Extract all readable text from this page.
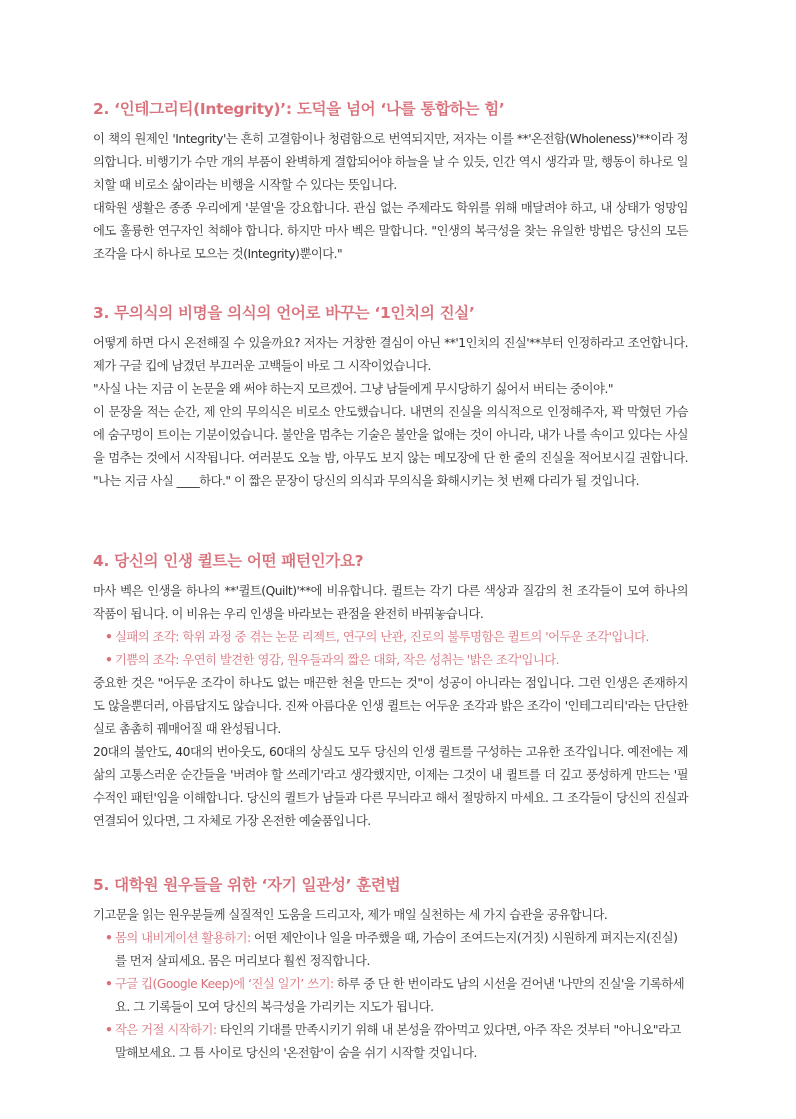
2. ‘인테그리티(Integrity)’: 도덕을 넘어 ‘나를 통합하는 힘’

이 책의 원제인 'Integrity'는 흔히 고결함이나 청렴함으로 번역되지만, 저자는 이를 **'온전함(Wholeness)'**이라 정의합니다. 비행기가 수만 개의 부품이 완벽하게 결합되어야 하늘을 날 수 있듯, 인간 역시 생각과 말, 행동이 하나로 일치할 때 비로소 삶이라는 비행을 시작할 수 있다는 뜻입니다.

대학원 생활은 종종 우리에게 '분열'을 강요합니다. 관심 없는 주제라도 학위를 위해 매달려야 하고, 내 상태가 엉망임에도 훌륭한 연구자인 척해야 합니다. 하지만 마사 벡은 말합니다. "인생의 복극성을 찾는 유일한 방법은 당신의 모든 조각을 다시 하나로 모으는 것(Integrity)뿐이다."

3. 무의식의 비명을 의식의 언어로 바꾸는 ‘1인치의 진실’

어떻게 하면 다시 온전해질 수 있을까요? 저자는 거창한 결심이 아닌 **'1인치의 진실'**부터 인정하라고 조언합니다. 제가 구글 킵에 남겼던 부끄러운 고백들이 바로 그 시작이었습니다.

"사실 나는 지금 이 논문을 왜 써야 하는지 모르겠어. 그냥 남들에게 무시당하기 싫어서 버티는 중이야."

이 문장을 적는 순간, 제 안의 무의식은 비로소 안도했습니다. 내면의 진실을 의식적으로 인정해주자, 꽉 막혔던 가슴에 숨구멍이 트이는 기분이었습니다. 불안을 멈추는 기술은 불안을 없애는 것이 아니라, 내가 나를 속이고 있다는 사실을 멈추는 것에서 시작됩니다. 여러분도 오늘 밤, 아무도 보지 않는 메모장에 단 한 줄의 진실을 적어보시길 권합니다. "나는 지금 사실 ____하다." 이 짧은 문장이 당신의 의식과 무의식을 화해시키는 첫 번째 다리가 될 것입니다.

4. 당신의 인생 퀼트는 어떤 패턴인가요?

마사 벡은 인생을 하나의 **'퀼트(Quilt)'**에 비유합니다. 퀼트는 각기 다른 색상과 질감의 천 조각들이 모여 하나의 작품이 됩니다. 이 비유는 우리 인생을 바라보는 관점을 완전히 바꿔놓습니다.

• 실패의 조각: 학위 과정 중 겪는 논문 리젝트, 연구의 난관, 진로의 불투명함은 퀼트의 '어두운 조각'입니다.
• 기쁨의 조각: 우연히 발견한 영감, 원우들과의 짧은 대화, 작은 성취는 '밝은 조각'입니다.

중요한 것은 "어두운 조각이 하나도 없는 매끈한 천을 만드는 것"이 성공이 아니라는 점입니다. 그런 인생은 존재하지도 않을뿐더러, 아름답지도 않습니다. 진짜 아름다운 인생 퀼트는 어두운 조각과 밝은 조각이 '인테그리티'라는 단단한 실로 촘촘히 꿰매어질 때 완성됩니다.

20대의 불안도, 40대의 번아웃도, 60대의 상실도 모두 당신의 인생 퀼트를 구성하는 고유한 조각입니다. 예전에는 제 삶의 고통스러운 순간들을 '버려야 할 쓰레기'라고 생각했지만, 이제는 그것이 내 퀼트를 더 깊고 풍성하게 만드는 '필수적인 패턴'임을 이해합니다. 당신의 퀼트가 남들과 다른 무늬라고 해서 절망하지 마세요. 그 조각들이 당신의 진실과 연결되어 있다면, 그 자체로 가장 온전한 예술품입니다.

5. 대학원 원우들을 위한 ‘자기 일관성’ 훈련법

기고문을 읽는 원우분들께 실질적인 도움을 드리고자, 제가 매일 실천하는 세 가지 습관을 공유합니다.

• 몸의 내비게이션 활용하기: 어떤 제안이나 일을 마주했을 때, 가슴이 조여드는지(거짓) 시원하게 펴지는지(진실)를 먼저 살피세요. 몸은 머리보다 훨씬 정직합니다.
• 구글 킵(Google Keep)에 ‘진실 일기’ 쓰기: 하루 중 단 한 번이라도 남의 시선을 걷어낸 '나만의 진실'을 기록하세요. 그 기록들이 모여 당신의 복극성을 가리키는 지도가 됩니다.
• 작은 거절 시작하기: 타인의 기대를 만족시키기 위해 내 본성을 깎아먹고 있다면, 아주 작은 것부터 "아니오"라고 말해보세요. 그 틈 사이로 당신의 '온전함'이 숨을 쉬기 시작할 것입니다.
